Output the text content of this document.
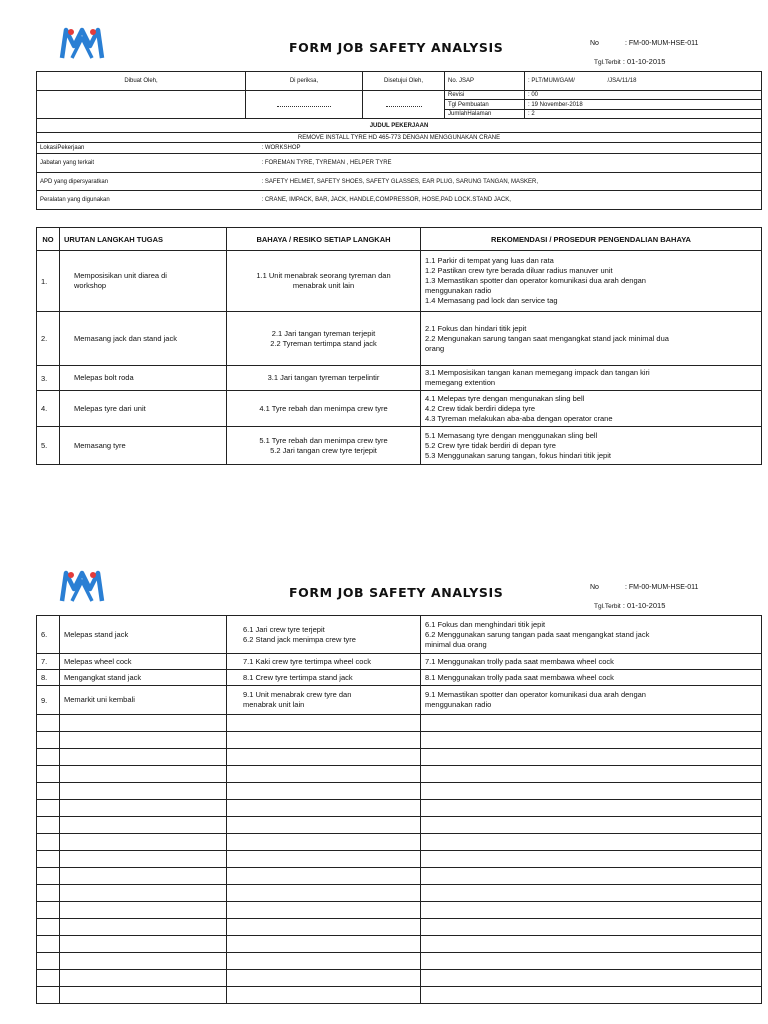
FORM JOB SAFETY ANALYSIS	No	: FM-00-MUM-HSE-011
Tgl.Terbit : 01-10-2015
Dibuat Oleh,	Di periksa,	Disetujui Oleh,	No. JSAP	: PLT/MUM/GAM/	/JSA/11/18
			Revisi	: 00	
			Tgl Pembuatan	: 19 November-2018	
			JumlahHalaman	: 2	
JUDUL PEKERJAAN					
REMOVE INSTALL TYRE HD 465-773 DENGAN MENGGUNAKAN CRANE					
LokasiPekerjaan		: WORKSHOP			
Jabatan yang terkait		: FOREMAN TYRE, TYREMAN , HELPER TYRE			
APD yang dipersyaratkan		: SAFETY HELMET, SAFETY SHOES, SAFETY GLASSES, EAR PLUG, SARUNG TANGAN, MASKER,			
Peralatan yang digunakan		: CRANE, IMPACK, BAR, JACK, HANDLE,COMPRESSOR, HOSE,PAD LOCK.STAND JACK,			
NO	URUTAN LANGKAH TUGAS	BAHAYA / RESIKO SETIAP LANGKAH	REKOMENDASI / PROSEDUR PENGENDALIAN BAHAYA
1.	Memposisikan unit diarea di
workshop	1.1 Unit menabrak seorang tyreman dan
menabrak unit lain	1.1 Parkir di tempat yang luas dan rata
1.2 Pastikan crew tyre berada diluar radius manuver unit
1.3 Memastikan spotter dan operator komunikasi dua arah dengan
menggunakan radio
1.4 Memasang pad lock dan service tag

2.	Memasang jack dan stand jack	2.1 Jari tangan tyreman terjepit
2.2 Tyreman tertimpa stand jack	2.1 Fokus dan hindari titik jepit
2.2 Mengunakan sarung tangan saat mengangkat stand jack minimal dua
orang

3.	Melepas bolt roda	3.1 Jari tangan tyreman terpelintir	3.1 Memposisikan tangan kanan memegang impack dan tangan kiri
memegang extention

4.	Melepas tyre dari unit	4.1 Tyre rebah dan menimpa crew tyre	4.1 Melepas tyre dengan mengunakan sling bell
4.2 Crew tidak berdiri didepa tyre
4.3 Tyreman melakukan aba-aba dengan operator crane

5.	Memasang tyre	5.1 Tyre rebah dan menimpa crew tyre
5.2 Jari tangan crew tyre terjepit	5.1 Memasang tyre dengan menggunakan sling bell
5.2 Crew tyre tidak berdiri di depan tyre
5.3 Menggunakan sarung tangan, fokus hindari titik jepit
FORM JOB SAFETY ANALYSIS	No	: FM-00-MUM-HSE-011
Tgl.Terbit : 01-10-2015
6.	Melepas stand jack	6.1 Jari crew tyre terjepit
6.2 Stand jack menimpa crew tyre	6.1 Fokus dan menghindari titik jepit
6.2 Menggunakan sarung tangan pada saat mengangkat stand jack
minimal dua orang

7.	Melepas wheel cock	7.1 Kaki crew tyre tertimpa wheel cock	7.1 Menggunakan trolly pada saat membawa wheel cock

8.	Mengangkat stand jack	8.1 Crew tyre tertimpa stand jack	8.1 Menggunakan trolly pada saat membawa wheel cock

9.	Memarkit uni kembali	9.1 Unit menabrak crew tyre dan
menabrak unit lain	9.1 Memastikan spotter dan operator komunikasi dua arah dengan
menggunakan radio
